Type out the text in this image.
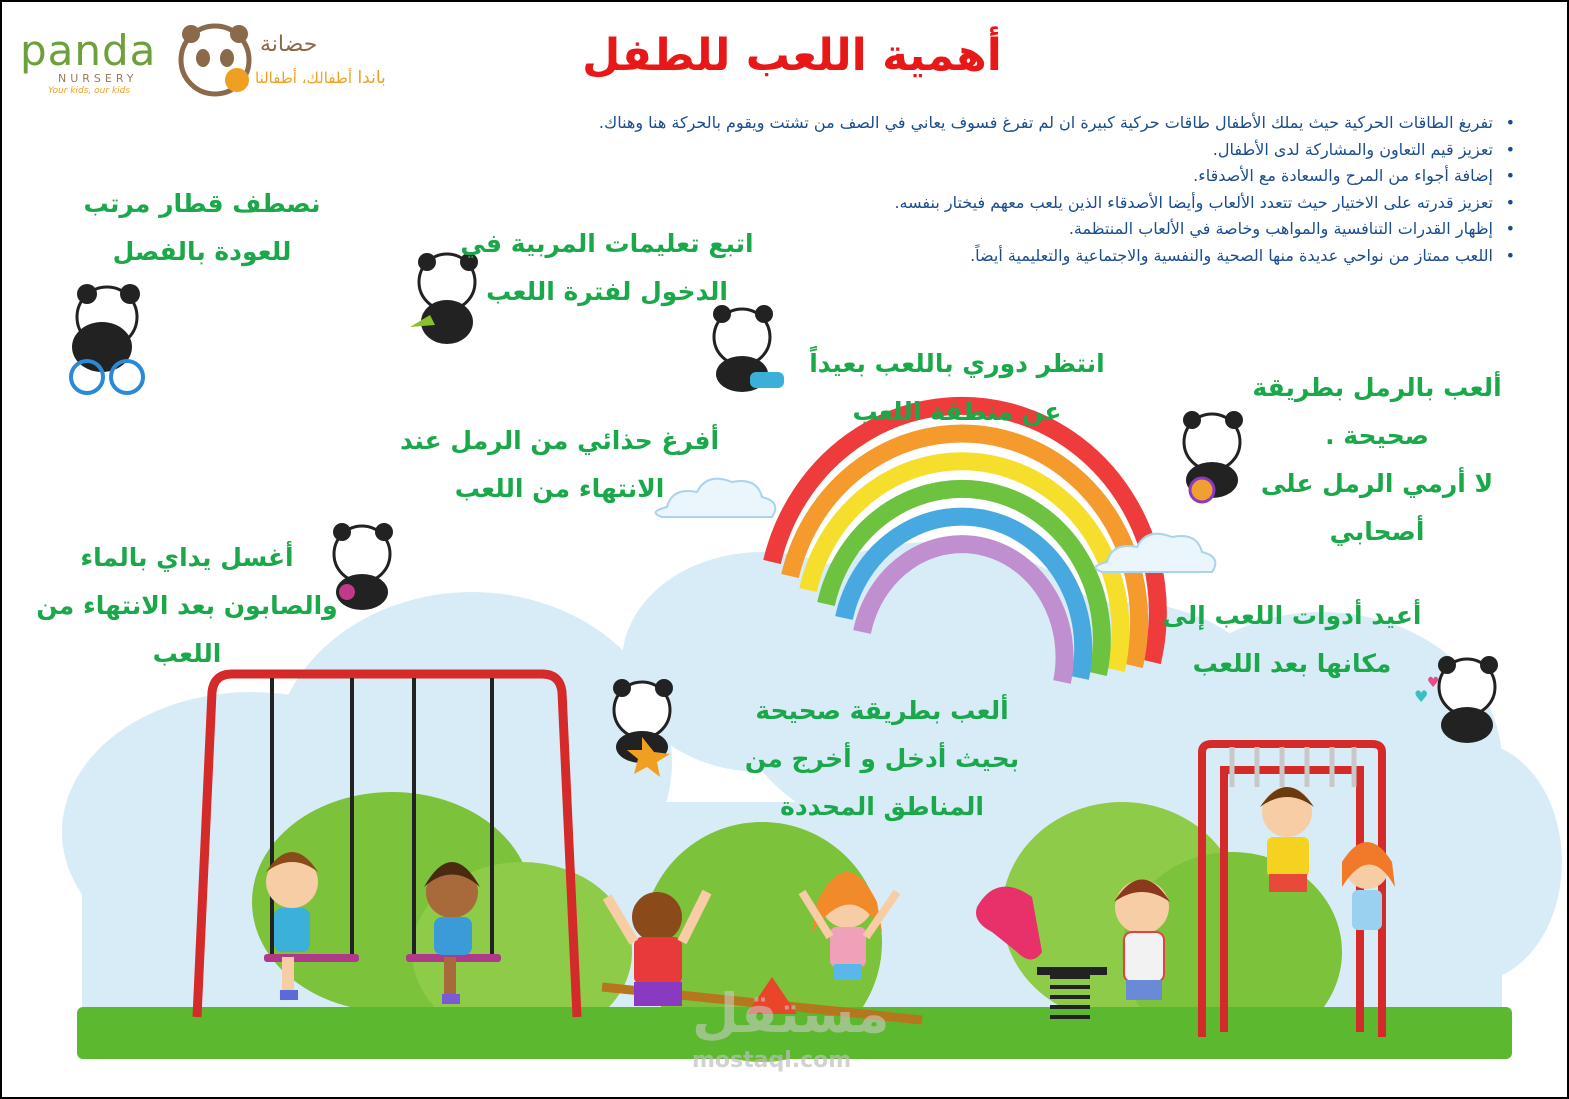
♥
♥
panda
NURSERY
Your kids, our kids
حضانة
باندا أطفالك، أطفالنا	أهمية اللعب للطفل
• تفريغ الطاقات الحركية حيث يملك الأطفال طاقات حركية كبيرة ان لم تفرغ فسوف يعاني في الصف من تشتت ويقوم بالحركة هنا وهناك.
• تعزيز قيم التعاون والمشاركة لدى الأطفال.
• إضافة أجواء من المرح والسعادة مع الأصدقاء.
• تعزيز قدرته على الاختيار حيث تتعدد الألعاب وأيضا الأصدقاء الذين يلعب معهم فيختار بنفسه.
• إظهار القدرات التنافسية والمواهب وخاصة في الألعاب المنتظمة.
• اللعب ممتاز من نواحي عديدة منها الصحية والنفسية والاجتماعية والتعليمية أيضاً.
نصطف قطار مرتب
للعودة بالفصل	اتبع تعليمات المربية في
الدخول لفترة اللعب
انتظر دوري باللعب بعيداً
عن منطقة اللعب
ألعب بالرمل بطريقة
صحيحة .
لا أرمي الرمل على
أصحابي
أفرغ حذائي من الرمل عند
الانتهاء من اللعب
أغسل يداي بالماء
والصابون بعد الانتهاء من
اللعب
أعيد أدوات اللعب إلى
مكانها بعد اللعب
ألعب بطريقة صحيحة
بحيث أدخل و أخرج من
المناطق المحددة
مستقل
mostaql.com
